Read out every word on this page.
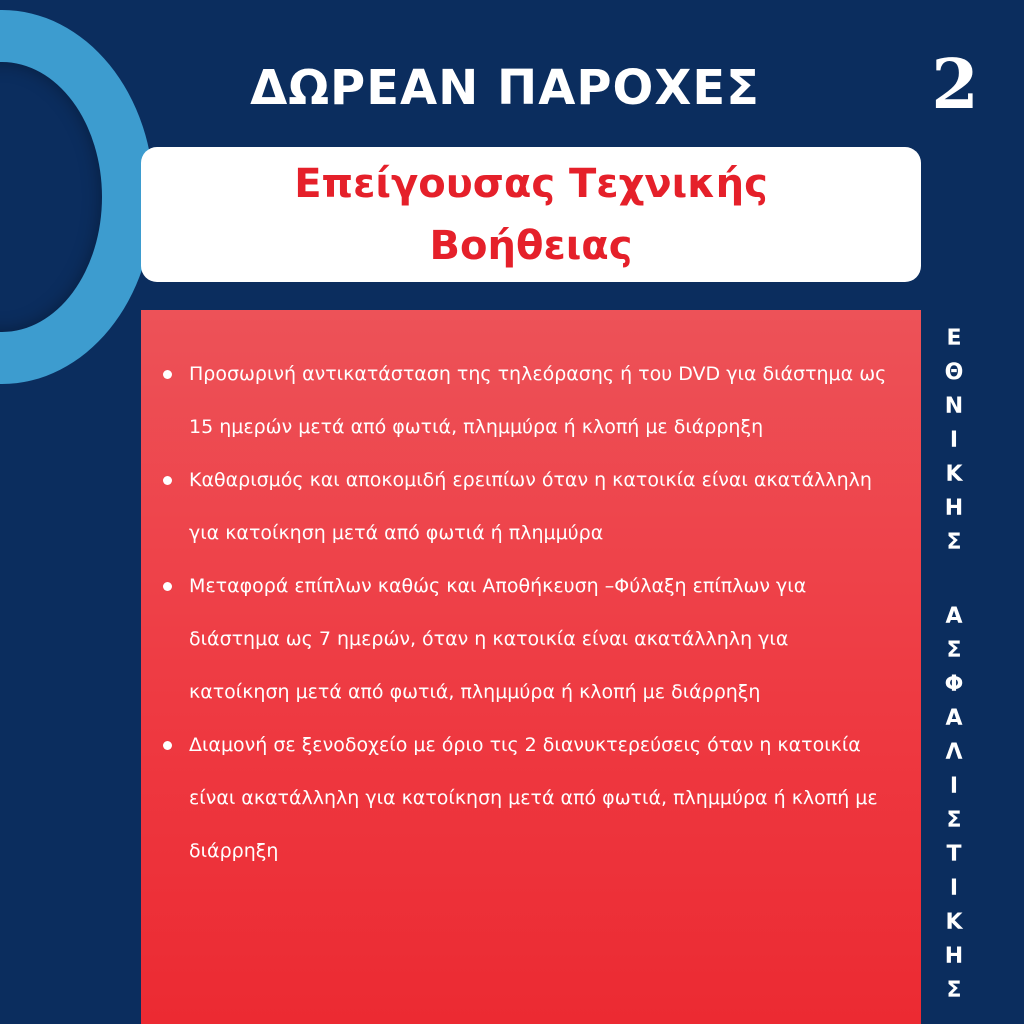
ΔΩΡΕΑΝ ΠΑΡΟΧΕΣ	2
Επείγουσας Τεχνικής Βοήθειας
Προσωρινή αντικατάσταση της τηλεόρασης ή του DVD για διάστημα ως 15 ημερών μετά από φωτιά, πλημμύρα ή κλοπή με διάρρηξη
Καθαρισμός και αποκομιδή ερειπίων όταν η κατοικία είναι ακατάλληλη για κατοίκηση μετά από φωτιά ή πλημμύρα
Μεταφορά επίπλων καθώς και Αποθήκευση –Φύλαξη επίπλων για διάστημα ως 7 ημερών, όταν η κατοικία είναι ακατάλληλη για κατοίκηση μετά από φωτιά, πλημμύρα ή κλοπή με διάρρηξη
Διαμονή σε ξενοδοχείο με όριο τις 2 διανυκτερεύσεις όταν η κατοικία είναι ακατάλληλη για κατοίκηση μετά από φωτιά, πλημμύρα ή κλοπή με διάρρηξη
Ε
Θ
Ν
Ι
Κ
Η
Σ
Α
Σ
Φ
Α
Λ
Ι
Σ
Τ
Ι
Κ
Η
Σ
